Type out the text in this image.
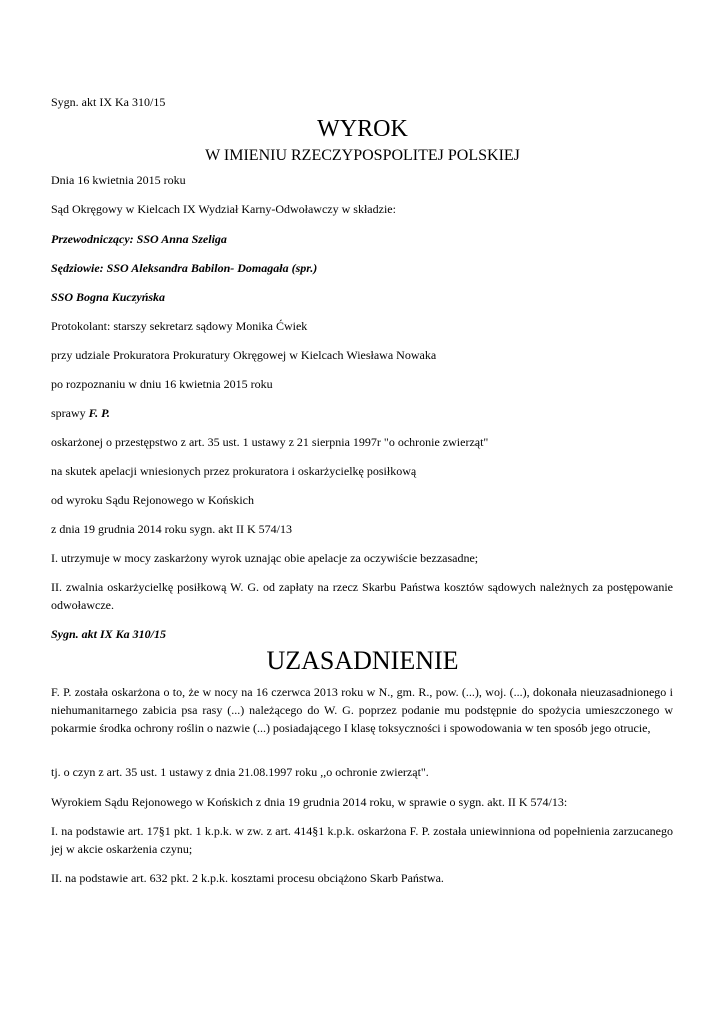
Sygn. akt IX Ka 310/15

WYROK
W IMIENIU RZECZYPOSPOLITEJ POLSKIEJ

Dnia 16 kwietnia 2015 roku

Sąd Okręgowy w Kielcach IX Wydział Karny-Odwoławczy w składzie:

Przewodniczący: SSO Anna Szeliga

Sędziowie: SSO Aleksandra Babilon- Domagała (spr.)

SSO Bogna Kuczyńska

Protokolant: starszy sekretarz sądowy Monika Ćwiek

przy udziale Prokuratora Prokuratury Okręgowej w Kielcach Wiesława Nowaka

po rozpoznaniu w dniu 16 kwietnia 2015 roku

sprawy F. P.

oskarżonej o przestępstwo z art. 35 ust. 1 ustawy z 21 sierpnia 1997r "o ochronie zwierząt"

na skutek apelacji wniesionych przez prokuratora i oskarżycielkę posiłkową

od wyroku Sądu Rejonowego w Końskich

z dnia 19 grudnia 2014 roku sygn. akt II K 574/13

I. utrzymuje w mocy zaskarżony wyrok uznając obie apelacje za oczywiście bezzasadne;

II. zwalnia oskarżycielkę posiłkową W. G. od zapłaty na rzecz Skarbu Państwa kosztów sądowych należnych za postępowanie odwoławcze.

Sygn. akt IX Ka 310/15

UZASADNIENIE

F. P. została oskarżona o to, że w nocy na 16 czerwca 2013 roku w N., gm. R., pow. (...), woj. (...), dokonała nieuzasadnionego i niehumanitarnego zabicia psa rasy (...) należącego do W. G. poprzez podanie mu podstępnie do spożycia umieszczonego w pokarmie środka ochrony roślin o nazwie (...) posiadającego I klasę toksyczności i spowodowania w ten sposób jego otrucie,

tj. o czyn z art. 35 ust. 1 ustawy z dnia 21.08.1997 roku ,,o ochronie zwierząt".

Wyrokiem Sądu Rejonowego w Końskich z dnia 19 grudnia 2014 roku, w sprawie o sygn. akt. II K 574/13:

I. na podstawie art. 17§1 pkt. 1 k.p.k. w zw. z art. 414§1 k.p.k. oskarżona F. P. została uniewinniona od popełnienia zarzucanego jej w akcie oskarżenia czynu;

II. na podstawie art. 632 pkt. 2 k.p.k. kosztami procesu obciążono Skarb Państwa.
